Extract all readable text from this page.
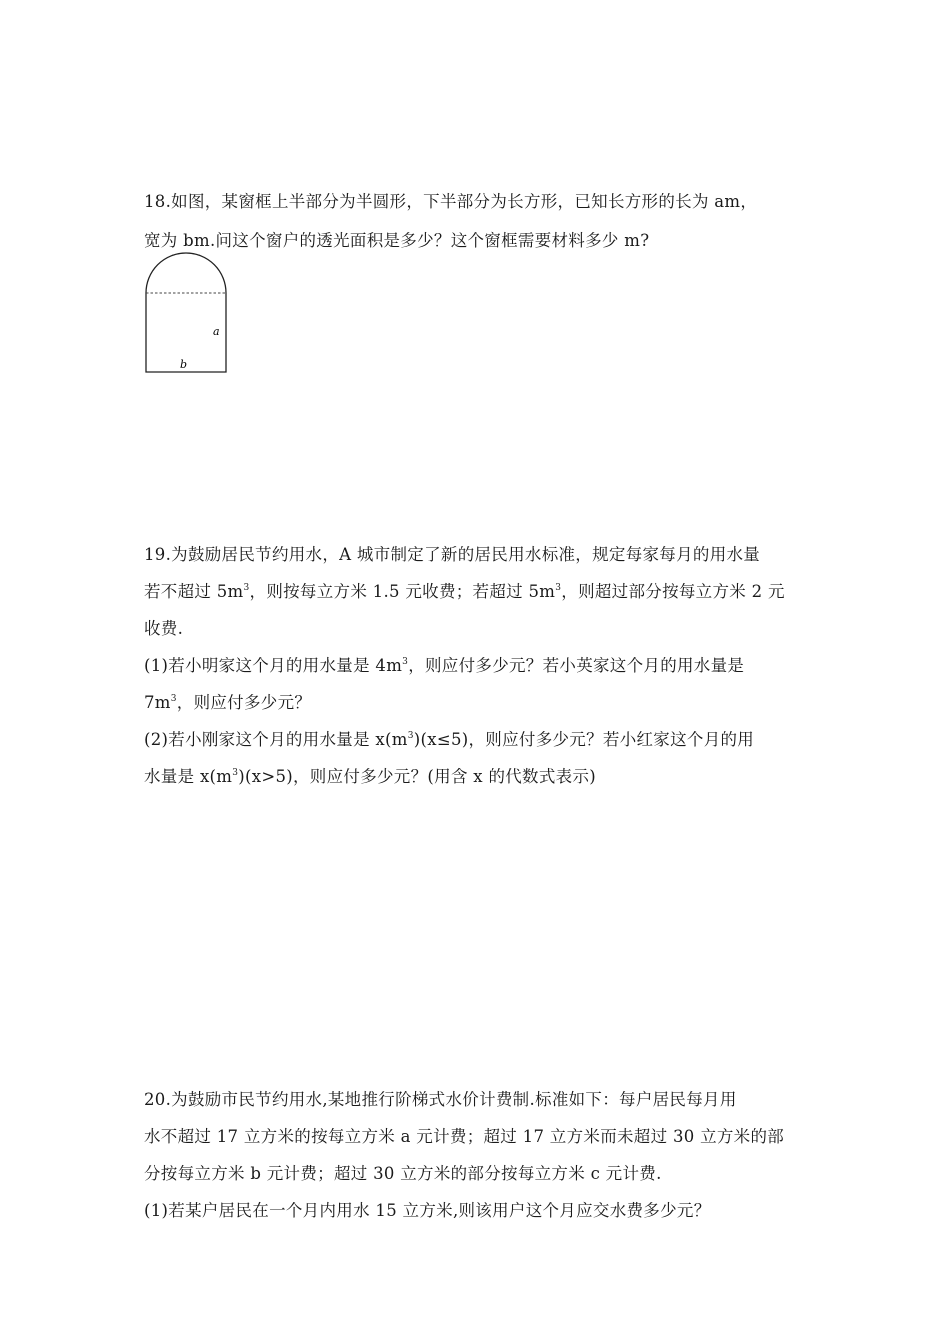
18.如图，某窗框上半部分为半圆形，下半部分为长方形，已知长方形的长为 am，
宽为 bm.问这个窗户的透光面积是多少？这个窗框需要材料多少 m?
a
b
19.为鼓励居民节约用水，A 城市制定了新的居民用水标准，规定每家每月的用水量
若不超过 $5m^3$，则按每立方米 1.5 元收费；若超过 $5m^3$，则超过部分按每立方米 2 元
收费.
(1)若小明家这个月的用水量是 $4m^3$，则应付多少元？若小英家这个月的用水量是
$7m^3$，则应付多少元？
(2)若小刚家这个月的用水量是 $x(m^3)(x\le 5)$，则应付多少元？若小红家这个月的用
水量是 $x(m^3)(x>5)$，则应付多少元？(用含 x 的代数式表示)
20.为鼓励市民节约用水,某地推行阶梯式水价计费制.标准如下：每户居民每月用
水不超过 17 立方米的按每立方米 a 元计费；超过 17 立方米而未超过 30 立方米的部
分按每立方米 b 元计费；超过 30 立方米的部分按每立方米 c 元计费.
(1)若某户居民在一个月内用水 15 立方米,则该用户这个月应交水费多少元？
